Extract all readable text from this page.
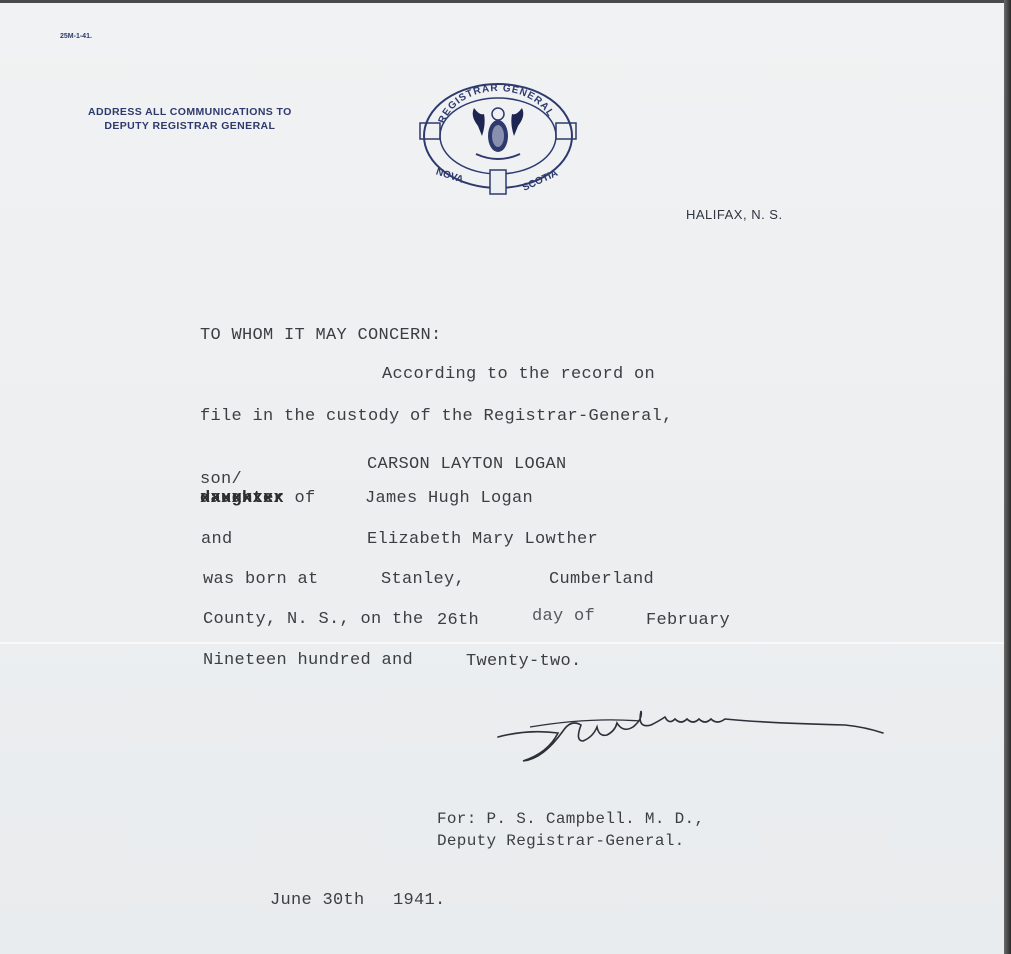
25M-1-41.
ADDRESS ALL COMMUNICATIONS TO
DEPUTY REGISTRAR GENERAL
REGISTRAR GENERAL
NOVA	SCOTIA
HALIFAX, N. S.
TO WHOM IT MAY CONCERN:
According to the record on
file in the custody of the Registrar-General,
CARSON LAYTON LOGAN
son/
daughter xxxxxxxx of	James Hugh Logan
and	Elizabeth Mary Lowther
was born at	Stanley,	Cumberland
County, N. S., on the 26th	day of	February
Nineteen hundred and	Twenty-two.
For: P. S. Campbell. M. D.,
Deputy Registrar-General.
June 30th 1941.
